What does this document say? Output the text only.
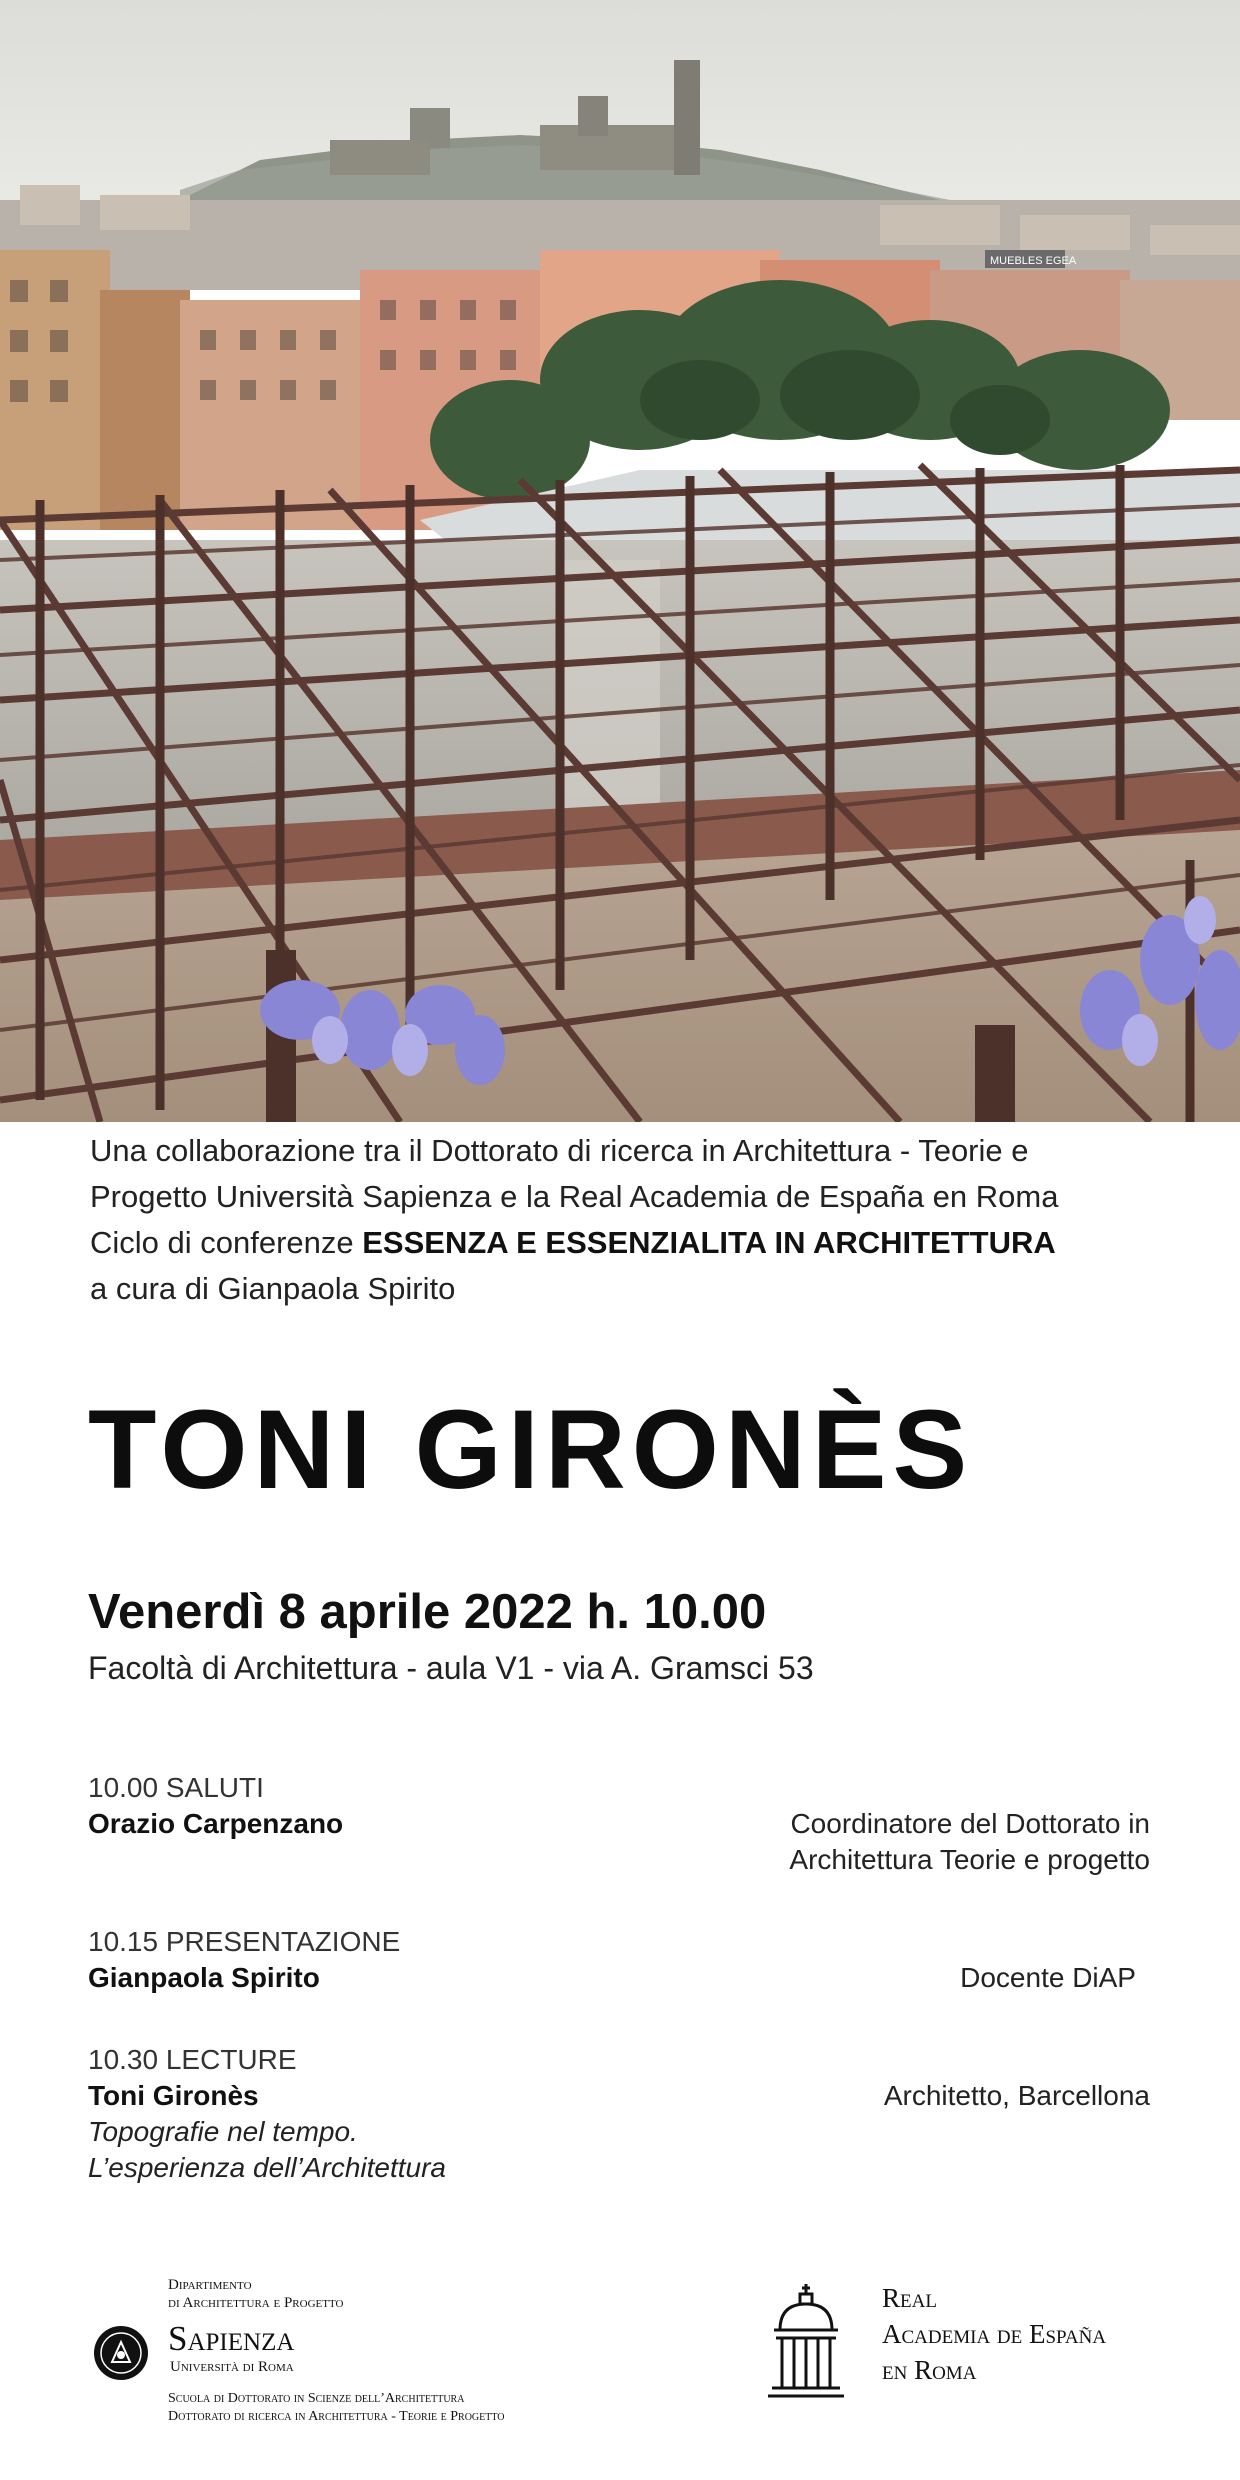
MUEBLES EGEA

Una collaborazione tra il Dottorato di ricerca in Architettura - Teorie e

Progetto Università Sapienza e la Real Academia de España en Roma

Ciclo di conferenze ESSENZA E ESSENZIALITA IN ARCHITETTURA

a cura di Gianpaola Spirito

TONI GIRONÈS
Venerdì 8 aprile 2022 h. 10.00
Facoltà di Architettura - aula V1 - via A. Gramsci 53
10.00 SALUTI
Orazio Carpenzano	Coordinatore del Dottorato in
Architettura Teorie e progetto
10.15 PRESENTAZIONE
Gianpaola Spirito	Docente DiAP
10.30 LECTURE
Toni Gironès
Topografie nel tempo.
L’esperienza dell’Architettura
Architetto, Barcellona
Dipartimento
di Architettura e Progetto
Sapienza
Università di Roma
Scuola di Dottorato in Scienze dell’Architettura
Dottorato di ricerca in Architettura - Teorie e Progetto
Real
Academia de España
en Roma
